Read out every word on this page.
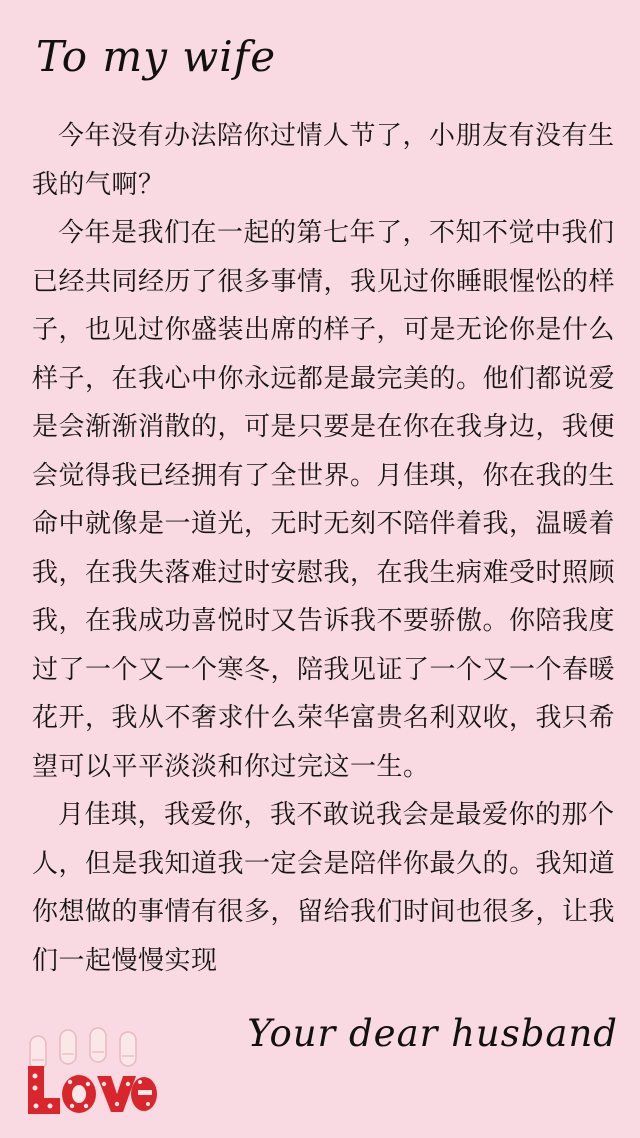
To my wife

今年没有办法陪你过情人节了，小朋友有没有生我的气啊？

今年是我们在一起的第七年了，不知不觉中我们已经共同经历了很多事情，我见过你睡眼惺忪的样子，也见过你盛装出席的样子，可是无论你是什么样子，在我心中你永远都是最完美的。他们都说爱是会渐渐消散的，可是只要是在你在我身边，我便会觉得我已经拥有了全世界。月佳琪，你在我的生命中就像是一道光，无时无刻不陪伴着我，温暖着我，在我失落难过时安慰我，在我生病难受时照顾我，在我成功喜悦时又告诉我不要骄傲。你陪我度过了一个又一个寒冬，陪我见证了一个又一个春暖花开，我从不奢求什么荣华富贵名利双收，我只希望可以平平淡淡和你过完这一生。

月佳琪，我爱你，我不敢说我会是最爱你的那个人，但是我知道我一定会是陪伴你最久的。我知道你想做的事情有很多，留给我们时间也很多，让我们一起慢慢实现

Your dear husband
